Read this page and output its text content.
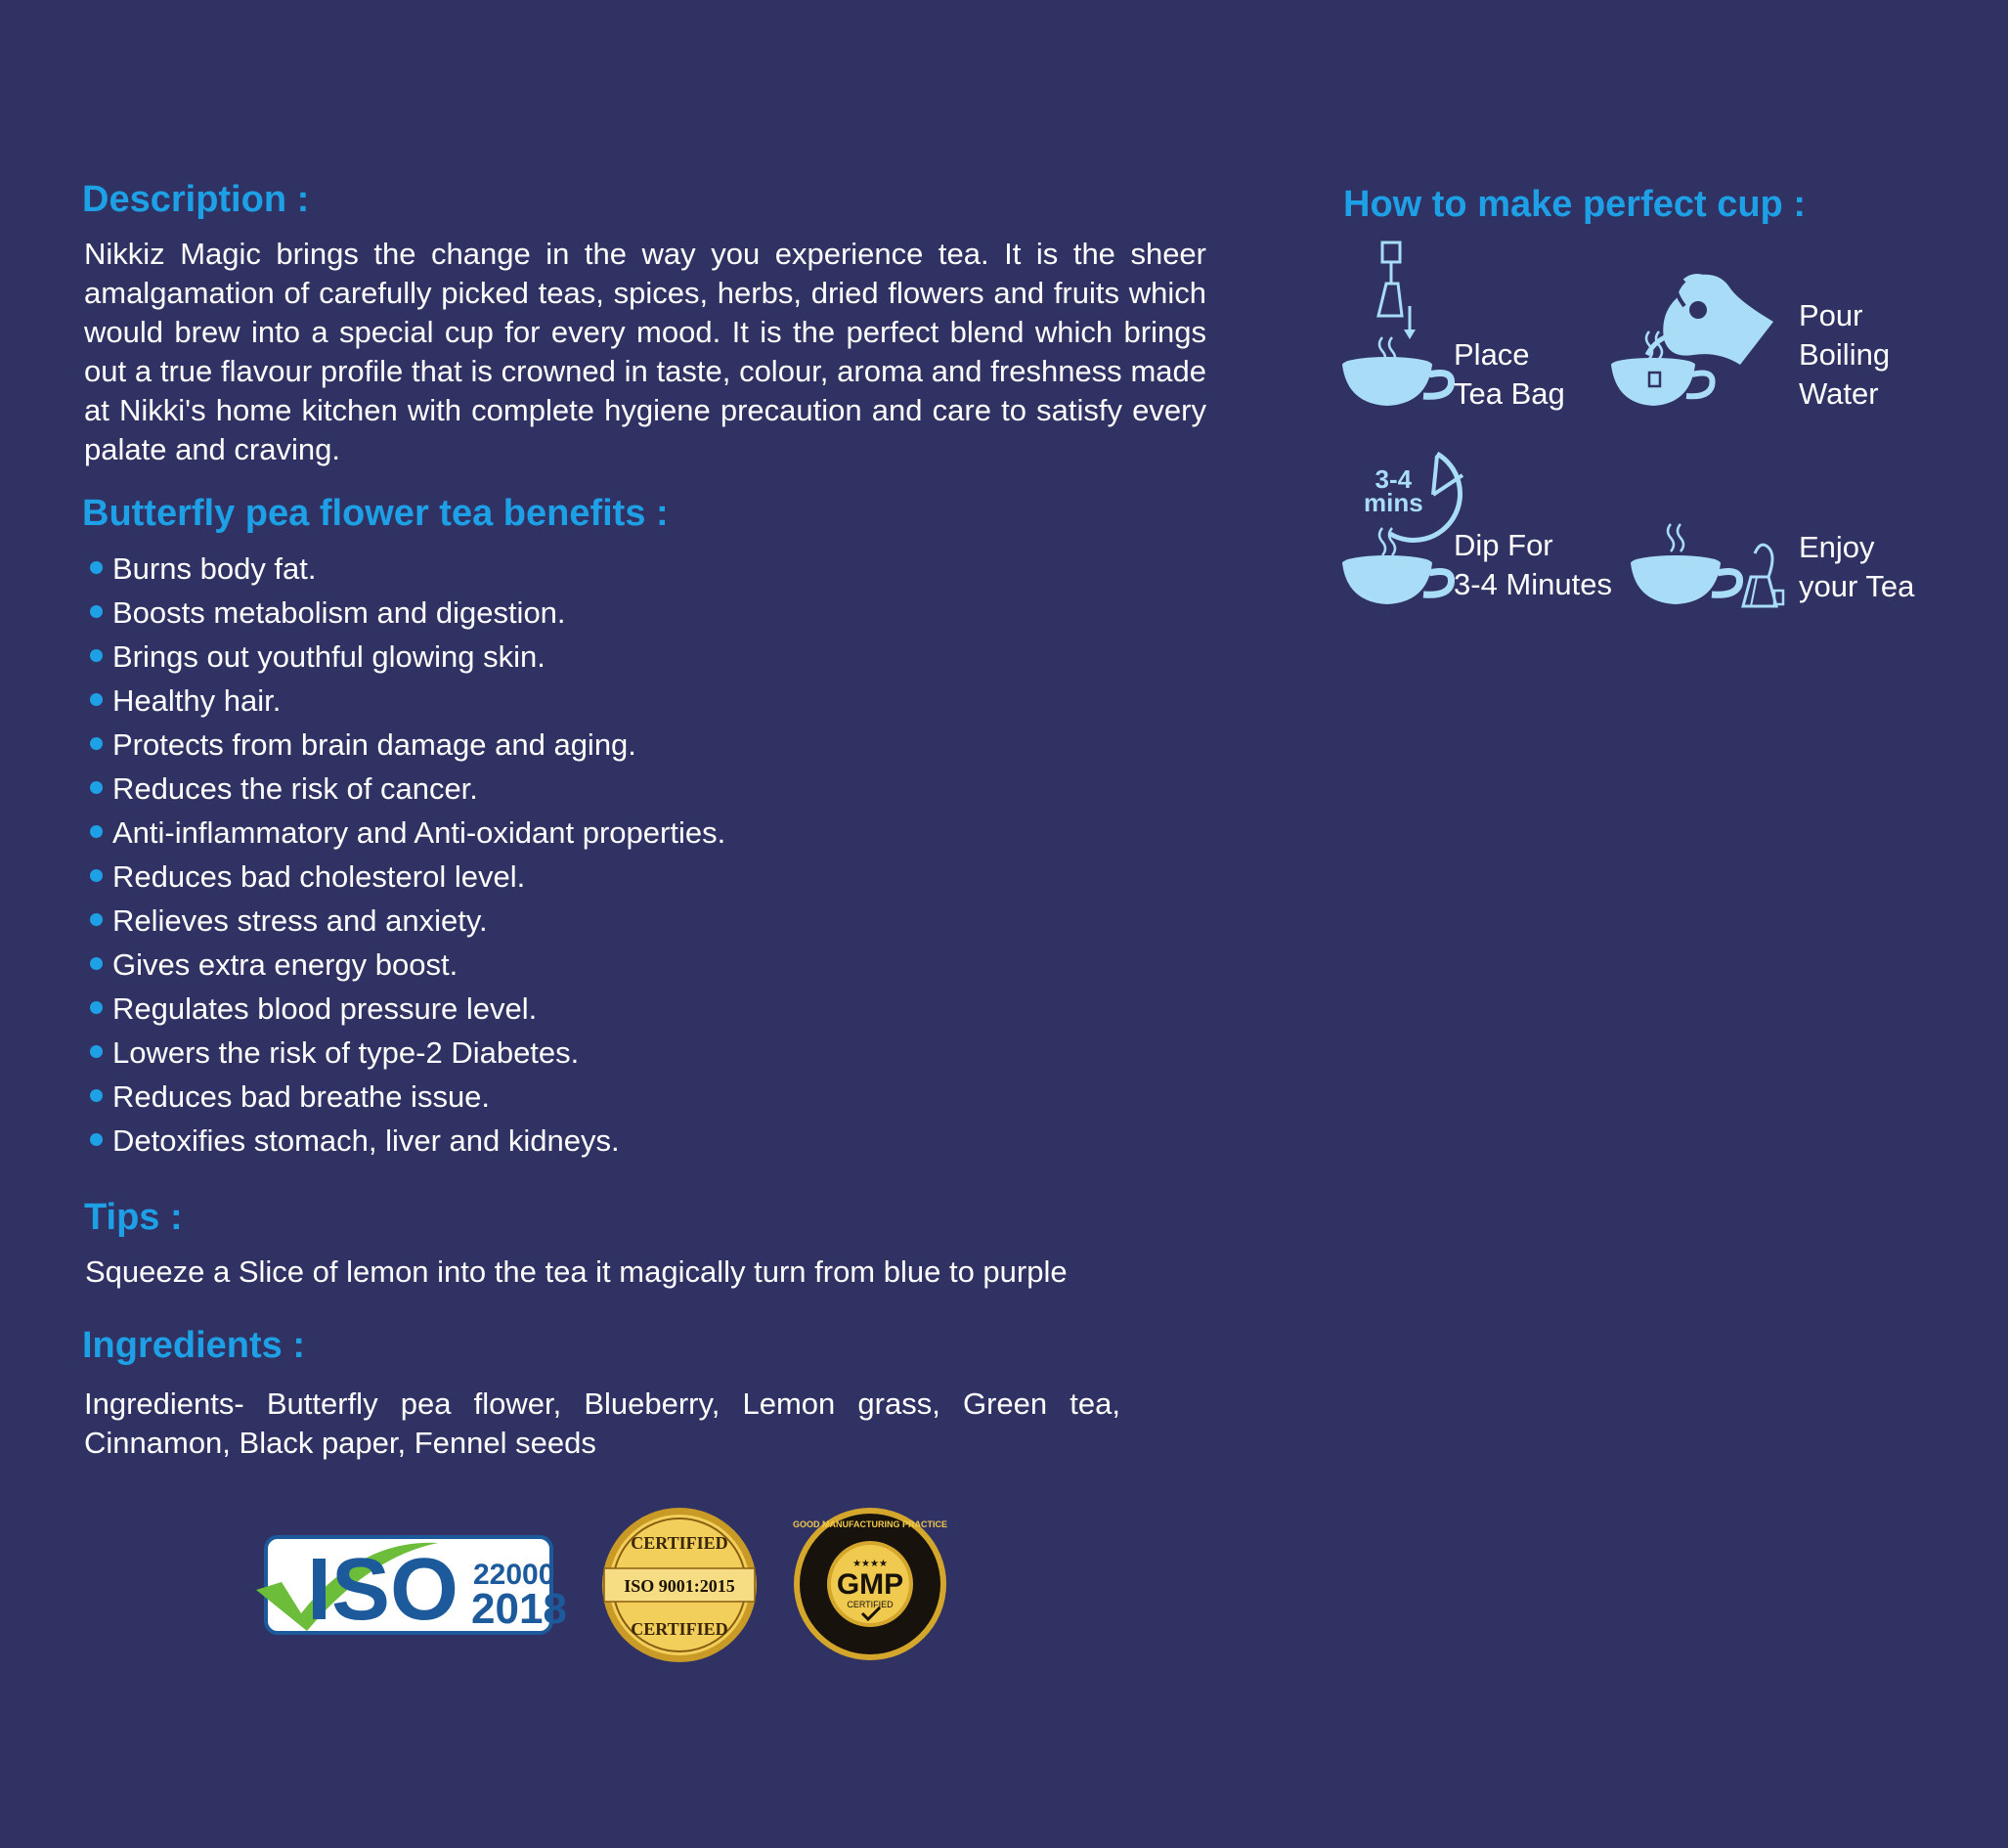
Description :

Nikkiz Magic brings the change in the way you experience tea. It is the sheer amalgamation of carefully picked teas, spices, herbs, dried flowers and fruits which would brew into a special cup for every mood. It is the perfect blend which brings out a true flavour profile that is crowned in taste, colour, aroma and freshness made at Nikki's home kitchen with complete hygiene precaution and care to satisfy every palate and craving.

Butterfly pea flower tea benefits :
Burns body fat.
Boosts metabolism and digestion.
Brings out youthful glowing skin.
Healthy hair.
Protects from brain damage and aging.
Reduces the risk of cancer.
Anti-inflammatory and Anti-oxidant properties.
Reduces bad cholesterol level.
Relieves stress and anxiety.
Gives extra energy boost.
Regulates blood pressure level.
Lowers the risk of type-2 Diabetes.
Reduces bad breathe issue.
Detoxifies stomach, liver and kidneys.
Tips :

Squeeze a Slice of lemon into the tea it magically turn from blue to purple

Ingredients :

Ingredients- Butterfly pea flower, Blueberry, Lemon grass, Green tea, Cinnamon, Black paper, Fennel seeds

How to make perfect cup :

Place
Tea Bag

Pour
Boiling
Water

3-4
mins

Dip For
3-4 Minutes

Enjoy
your Tea

ISO 22000
2018
CERTIFIED
ISO 9001:2015
CERTIFIED
GOOD MANUFACTURING PRACTICE
★★★★
GMP
CERTIFIED
